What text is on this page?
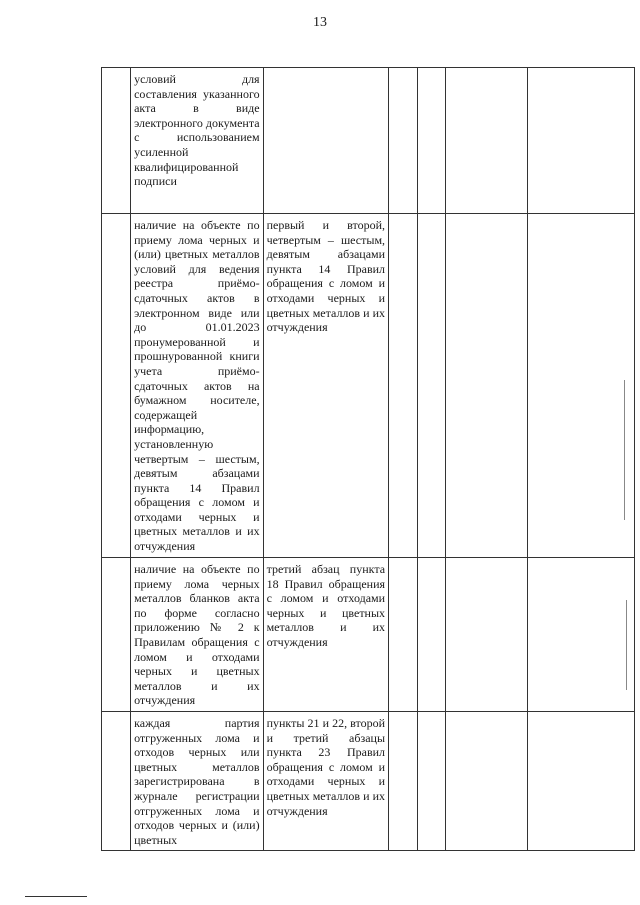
13
	условий для составления указанного акта в виде электронного документа с использованием усиленной квалифицированной подписи					
	наличие на объекте по приему лома черных и (или) цветных металлов условий для ведения реестра приёмо-сдаточных актов в электронном виде или до 01.01.2023 пронумерованной и прошнурованной книги учета приёмо-сдаточных актов на бумажном носителе, содержащей информацию, установленную четвертым – шестым, девятым абзацами пункта 14 Правил обращения с ломом и отходами черных и цветных металлов и их отчуждения	первый и второй, четвертым – шестым, девятым абзацами пункта 14 Правил обращения с ломом и отходами черных и цветных металлов и их отчуждения				
	наличие на объекте по приему лома черных металлов бланков акта по форме согласно приложению № 2 к Правилам обращения с ломом и отходами черных и цветных металлов и их отчуждения	третий абзац пункта 18 Правил обращения с ломом и отходами черных и цветных металлов и их отчуждения				
	каждая партия отгруженных лома и отходов черных или цветных металлов зарегистрирована в журнале регистрации отгруженных лома и отходов черных и (или) цветных	пункты 21 и 22, второй и третий абзацы пункта 23 Правил обращения с ломом и отходами черных и цветных металлов и их отчуждения				
